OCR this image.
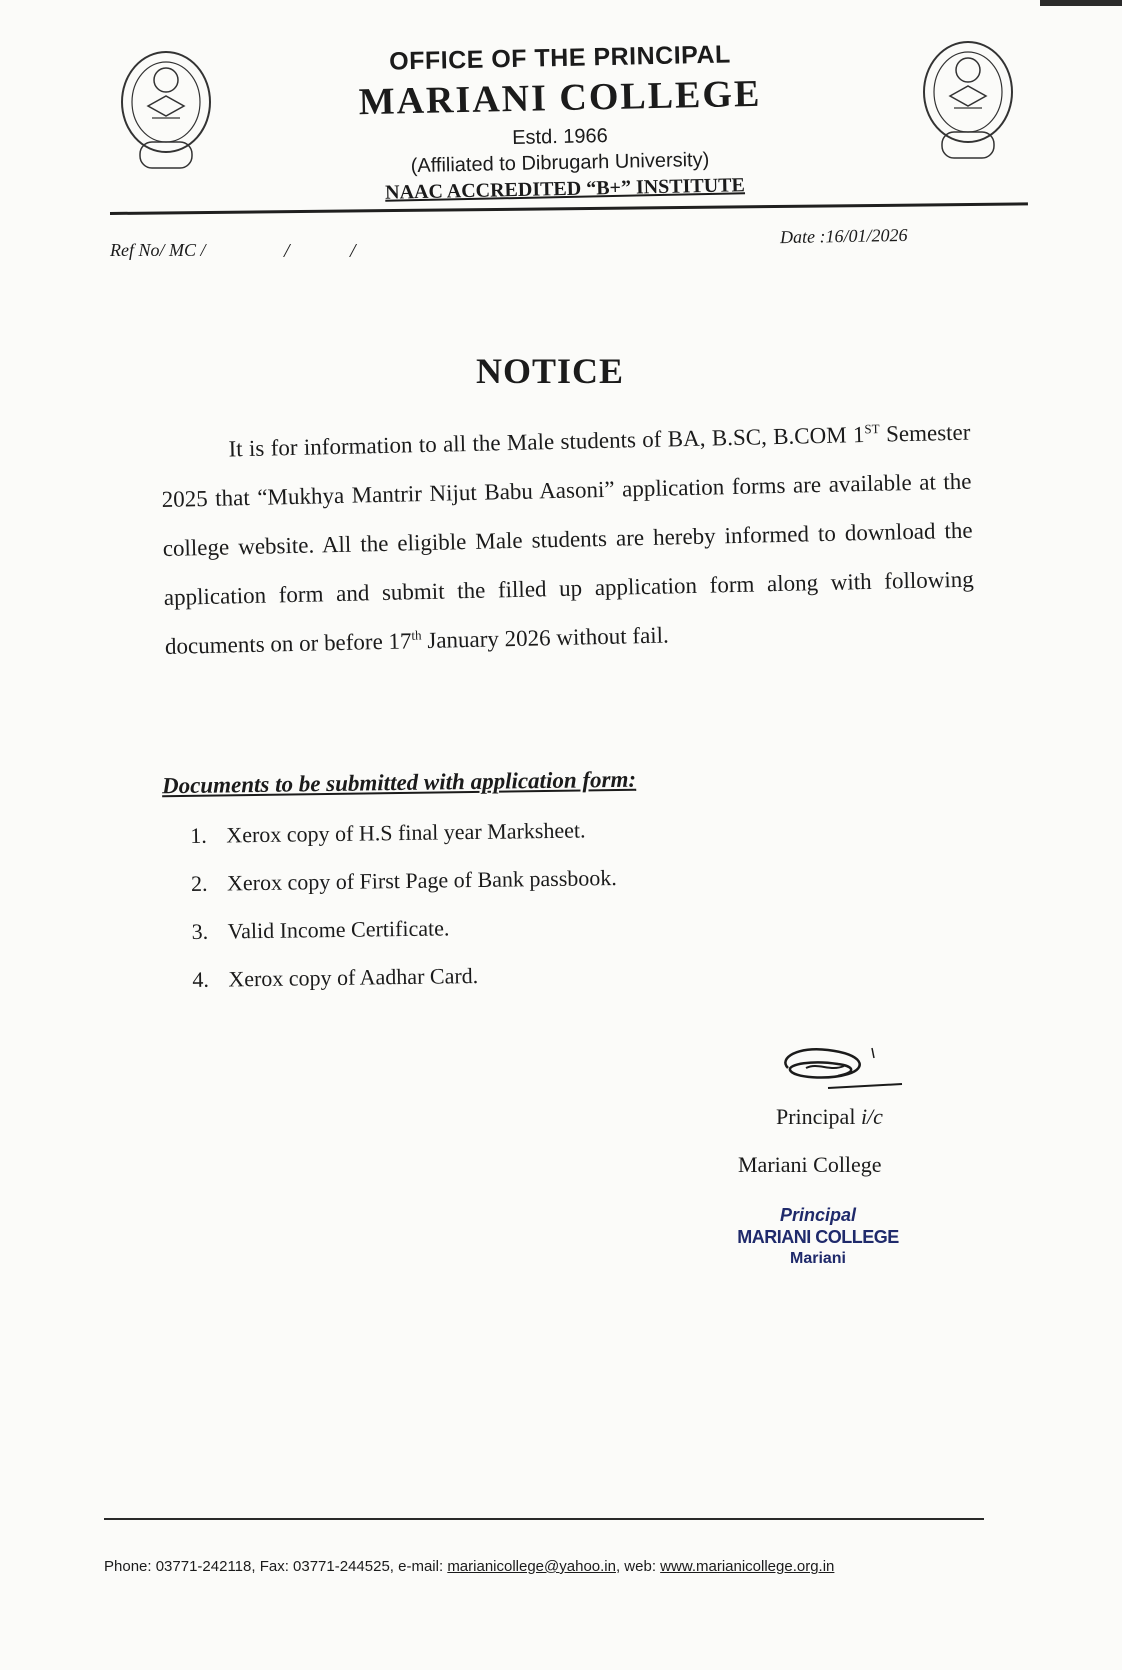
OFFICE OF THE PRINCIPAL
MARIANI COLLEGE
Estd. 1966
(Affiliated to Dibrugarh University)
NAAC ACCREDITED “B+” INSTITUTE
Ref No/ MC /	/	/
Date :16/01/2026
NOTICE
It is for information to all the Male students of BA, B.SC, B.COM 1ST Semester 2025 that “Mukhya Mantrir Nijut Babu Aasoni” application forms are available at the college website. All the eligible Male students are hereby informed to download the application form and submit the filled up application form along with following documents on or before 17th January 2026 without fail.
Documents to be submitted with application form:
1. Xerox copy of H.S final year Marksheet.
2. Xerox copy of First Page of Bank passbook.
3. Valid Income Certificate.
4. Xerox copy of Aadhar Card.
Principal i/c
Mariani College
Principal
MARIANI COLLEGE
Mariani
Phone: 03771-242118, Fax: 03771-244525, e-mail: marianicollege@yahoo.in, web: www.marianicollege.org.in
